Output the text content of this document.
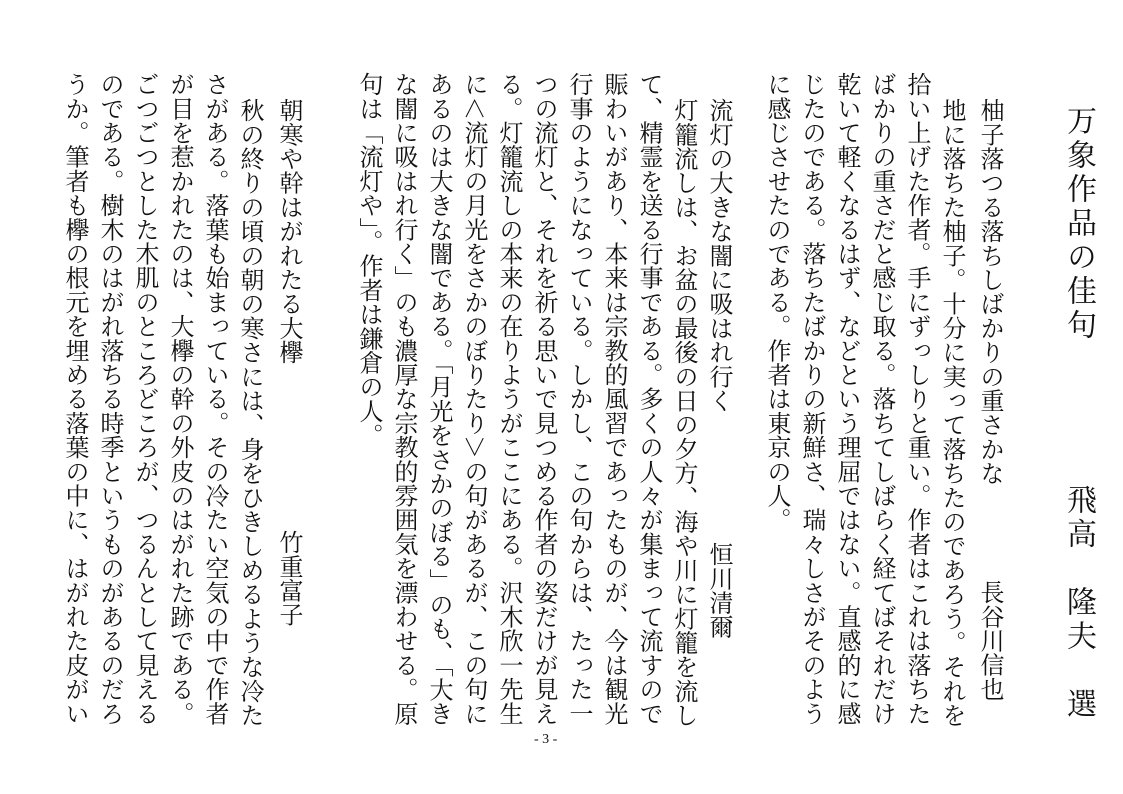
万象作品の佳句
飛高　隆夫　選
柚子落つる落ちしばかりの重さかな
長谷川信也
地に落ちた柚子。十分に実って落ちたのであろう。それを
拾い上げた作者。手にずっしりと重い。作者はこれは落ちた
ばかりの重さだと感じ取る。落ちてしばらく経てばそれだけ
乾いて軽くなるはず、などという理屈ではない。直感的に感
じたのである。落ちたばかりの新鮮さ、瑞々しさがそのよう
に感じさせたのである。作者は東京の人。
流灯の大きな闇に吸はれ行く
恒川清爾
灯籠流しは、お盆の最後の日の夕方、海や川に灯籠を流し
て、精霊を送る行事である。多くの人々が集まって流すので
賑わいがあり、本来は宗教的風習であったものが、今は観光
行事のようになっている。しかし、この句からは、たった一
つの流灯と、それを祈る思いで見つめる作者の姿だけが見え
る。灯籠流しの本来の在りようがここにある。沢木欣一先生
に＜流灯の月光をさかのぼりたり＞の句があるが、この句に
あるのは大きな闇である。「月光をさかのぼる」のも、「大き
な闇に吸はれ行く」のも濃厚な宗教的雰囲気を漂わせる。原
句は「流灯や」。作者は鎌倉の人。
朝寒や幹はがれたる大欅
竹重富子
秋の終りの頃の朝の寒さには、身をひきしめるような冷た
さがある。落葉も始まっている。その冷たい空気の中で作者
が目を惹かれたのは、大欅の幹の外皮のはがれた跡である。
ごつごつとした木肌のところどころが、つるんとして見える
のである。樹木のはがれ落ちる時季というものがあるのだろ
うか。筆者も欅の根元を埋める落葉の中に、はがれた皮がい
- 3 -
